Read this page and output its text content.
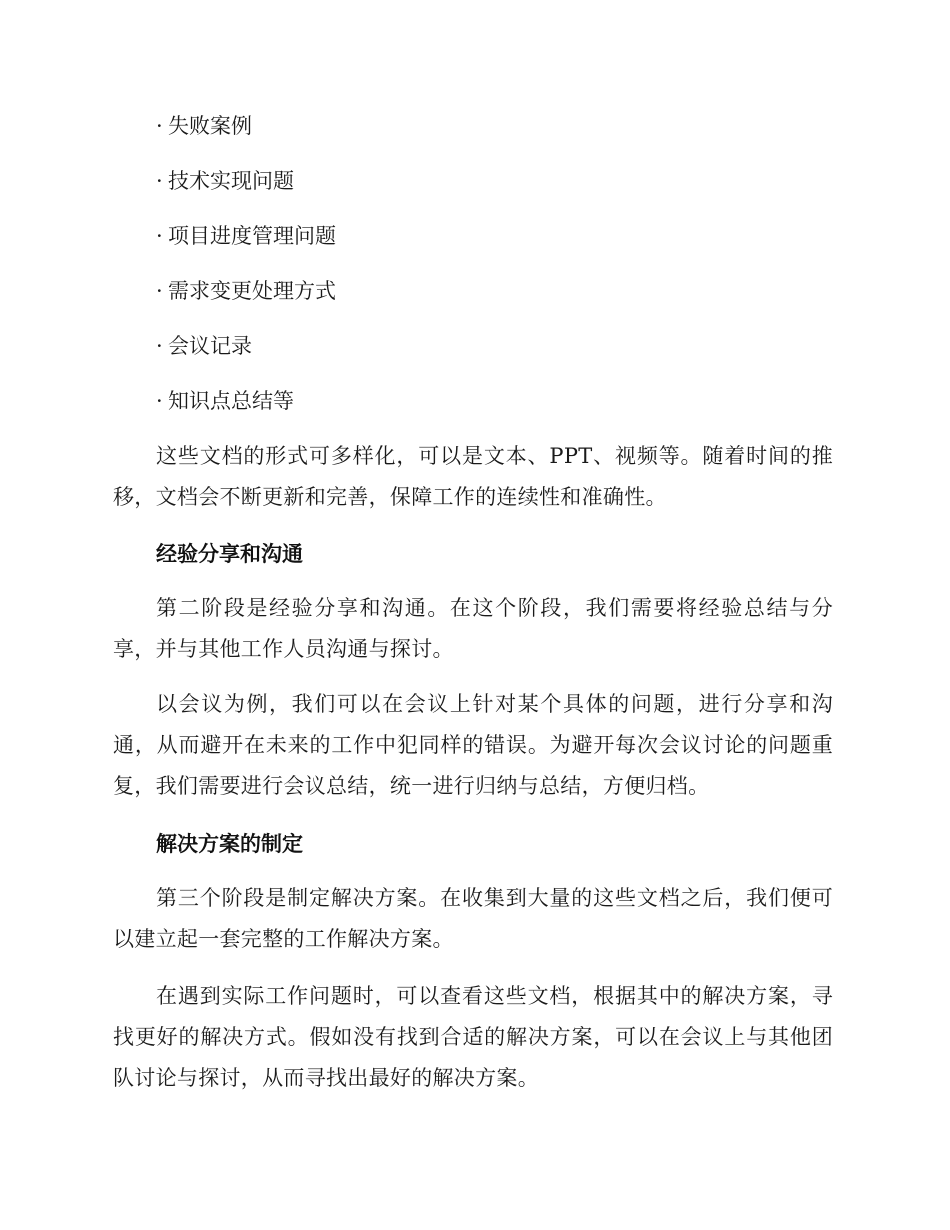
· 失败案例
· 技术实现问题
· 项目进度管理问题
· 需求变更处理方式
· 会议记录
· 知识点总结等

这些文档的形式可多样化，可以是文本、PPT、视频等。随着时间的推移，文档会不断更新和完善，保障工作的连续性和准确性。

经验分享和沟通

第二阶段是经验分享和沟通。在这个阶段，我们需要将经验总结与分享，并与其他工作人员沟通与探讨。

以会议为例，我们可以在会议上针对某个具体的问题，进行分享和沟通，从而避开在未来的工作中犯同样的错误。为避开每次会议讨论的问题重复，我们需要进行会议总结，统一进行归纳与总结，方便归档。

解决方案的制定

第三个阶段是制定解决方案。在收集到大量的这些文档之后，我们便可以建立起一套完整的工作解决方案。

在遇到实际工作问题时，可以查看这些文档，根据其中的解决方案，寻找更好的解决方式。假如没有找到合适的解决方案，可以在会议上与其他团队讨论与探讨，从而寻找出最好的解决方案。
